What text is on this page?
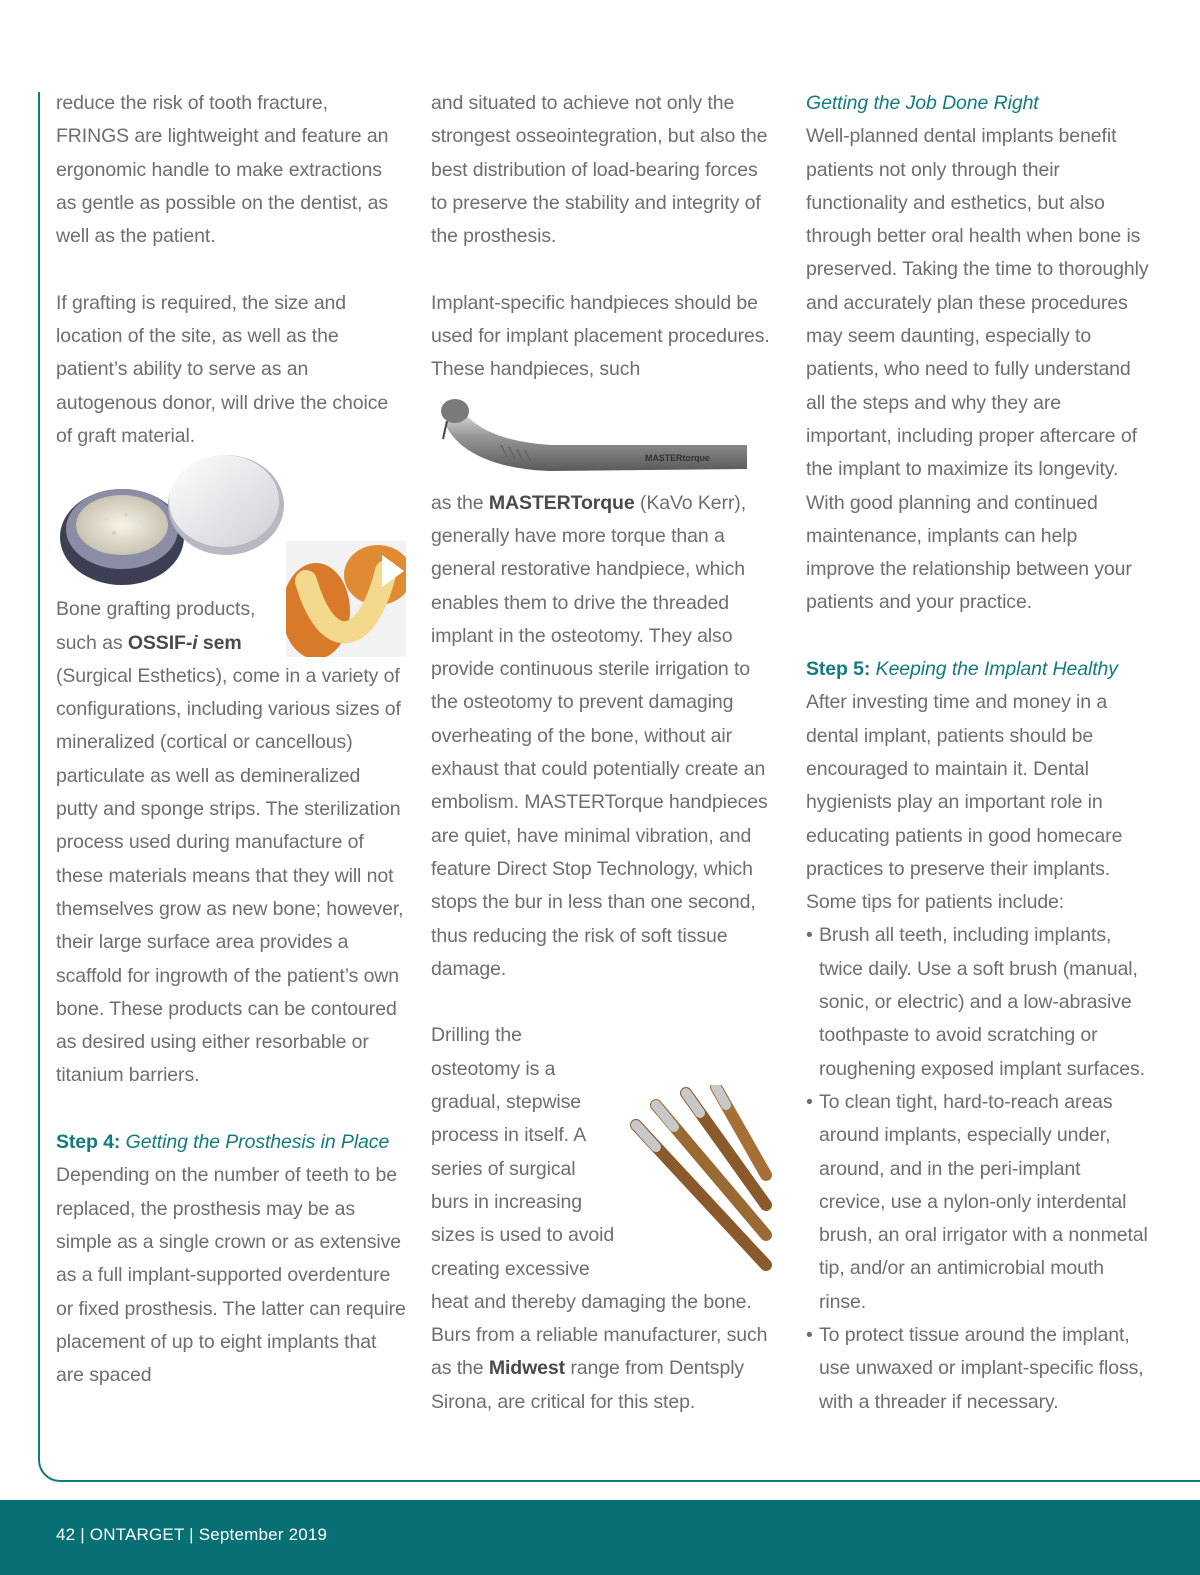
reduce the risk of tooth fracture, FRINGS are lightweight and feature an ergonomic handle to make extractions as gentle as possible on the dentist, as well as the patient.

If grafting is required, the size and location of the site, as well as the patient’s ability to serve as an autogenous donor, will drive the choice of graft material.

Bone grafting products, such as OSSIF-i sem (Surgical Esthetics), come in a variety of configurations, including various sizes of mineralized (cortical or cancellous) particulate as well as demineralized putty and sponge strips. The sterilization process used during manufacture of these materials means that they will not themselves grow as new bone; however, their large surface area provides a scaffold for ingrowth of the patient’s own bone. These products can be contoured as desired using either resorbable or titanium barriers.

Step 4: Getting the Prosthesis in Place

Depending on the number of teeth to be replaced, the prosthesis may be as simple as a single crown or as extensive as a full implant-supported overdenture or fixed prosthesis. The latter can require placement of up to eight implants that are spaced

and situated to achieve not only the strongest osseointegration, but also the best distribution of load-bearing forces to preserve the stability and integrity of the prosthesis.

Implant-specific handpieces should be used for implant placement procedures. These handpieces, such

MASTERtorque

as the MASTERTorque (KaVo Kerr), generally have more torque than a general restorative handpiece, which enables them to drive the threaded implant in the osteotomy. They also provide continuous sterile irrigation to the osteotomy to prevent damaging overheating of the bone, without air exhaust that could potentially create an embolism. MASTERTorque handpieces are quiet, have minimal vibration, and feature Direct Stop Technology, which stops the bur in less than one second, thus reducing the risk of soft tissue damage.

Drilling the osteotomy is a gradual, stepwise process in itself. A series of surgical burs in increasing sizes is used to avoid creating excessive heat and thereby damaging the bone. Burs from a reliable manufacturer, such as the Midwest range from Dentsply Sirona, are critical for this step.

Getting the Job Done Right

Well-planned dental implants benefit patients not only through their functionality and esthetics, but also through better oral health when bone is preserved. Taking the time to thoroughly and accurately plan these procedures may seem daunting, especially to patients, who need to fully understand all the steps and why they are important, including proper aftercare of the implant to maximize its longevity. With good planning and continued maintenance, implants can help improve the relationship between your patients and your practice.

Step 5: Keeping the Implant Healthy

After investing time and money in a dental implant, patients should be encouraged to maintain it. Dental hygienists play an important role in educating patients in good homecare practices to preserve their implants. Some tips for patients include:

• Brush all teeth, including implants, twice daily. Use a soft brush (manual, sonic, or electric) and a low-abrasive toothpaste to avoid scratching or roughening exposed implant surfaces.
• To clean tight, hard-to-reach areas around implants, especially under, around, and in the peri-implant crevice, use a nylon-only interdental brush, an oral irrigator with a nonmetal tip, and/or an antimicrobial mouth rinse.
• To protect tissue around the implant, use unwaxed or implant-specific floss, with a threader if necessary.
42 | ONTARGET | September 2019
